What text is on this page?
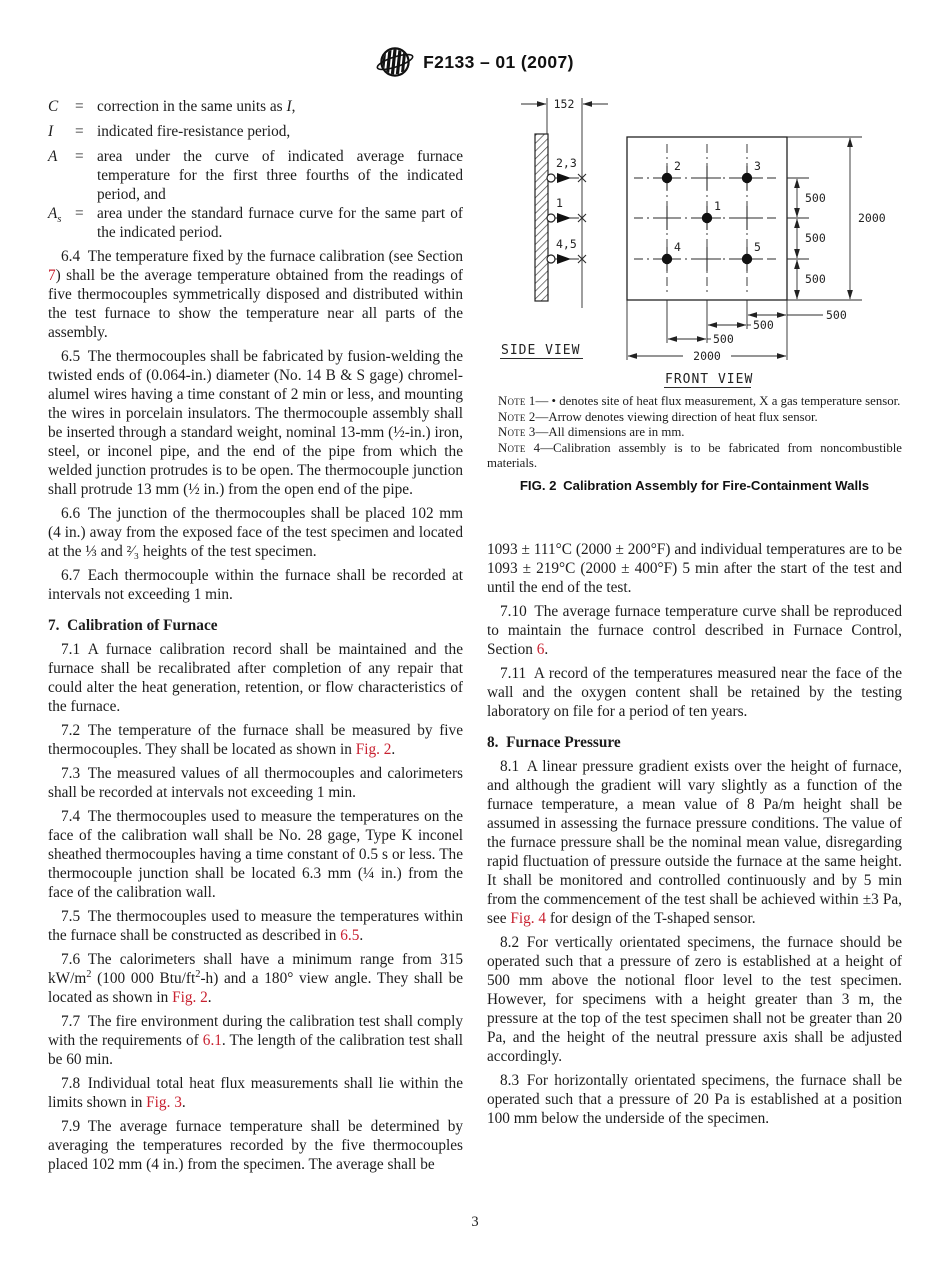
F2133 – 01 (2007)
C	= correction in the same units as I,
I	= indicated fire-resistance period,
A	= area under the curve of indicated average furnace temperature for the first three fourths of the indicated period, and
$A_s$ = area under the standard furnace curve for the same part of the indicated period.

6.4 The temperature fixed by the furnace calibration (see Section 7) shall be the average temperature obtained from the readings of five thermocouples symmetrically disposed and distributed within the test furnace to show the temperature near all parts of the assembly.

6.5 The thermocouples shall be fabricated by fusion-welding the twisted ends of (0.064-in.) diameter (No. 14 B & S gage) chromel-alumel wires having a time constant of 2 min or less, and mounting the wires in porcelain insulators. The thermocouple assembly shall be inserted through a standard weight, nominal 13-mm (½-in.) iron, steel, or inconel pipe, and the end of the pipe from which the welded junction protrudes is to be open. The thermocouple junction shall protrude 13 mm (½ in.) from the open end of the pipe.

6.6 The junction of the thermocouples shall be placed 102 mm (4 in.) away from the exposed face of the test specimen and located at the ⅓ and ²⁄₃ heights of the test specimen.

6.7 Each thermocouple within the furnace shall be recorded at intervals not exceeding 1 min.

7. Calibration of Furnace

7.1 A furnace calibration record shall be maintained and the furnace shall be recalibrated after completion of any repair that could alter the heat generation, retention, or flow characteristics of the furnace.

7.2 The temperature of the furnace shall be measured by five thermocouples. They shall be located as shown in Fig. 2.

7.3 The measured values of all thermocouples and calorimeters shall be recorded at intervals not exceeding 1 min.

7.4 The thermocouples used to measure the temperatures on the face of the calibration wall shall be No. 28 gage, Type K inconel sheathed thermocouples having a time constant of 0.5 s or less. The thermocouple junction shall be located 6.3 mm (¼ in.) from the face of the calibration wall.

7.5 The thermocouples used to measure the temperatures within the furnace shall be constructed as described in 6.5.

7.6 The calorimeters shall have a minimum range from 315 $kW/m^2$ (100 000 Btu/$ft^2-h$) and a 180° view angle. They shall be located as shown in Fig. 2.

7.7 The fire environment during the calibration test shall comply with the requirements of 6.1. The length of the calibration test shall be 60 min.

7.8 Individual total heat flux measurements shall lie within the limits shown in Fig. 3.

7.9 The average furnace temperature shall be determined by averaging the temperatures recorded by the five thermocouples placed 102 mm (4 in.) from the specimen. The average shall be

152
2,3
1
4,5
SIDE VIEW
2	3
1
4	5
500
500
500
2000
500
500
500
2000
FRONT VIEW
Note 1— • denotes site of heat flux measurement, X a gas temperature sensor.
Note 2—Arrow denotes viewing direction of heat flux sensor.
Note 3—All dimensions are in mm.
Note 4—Calibration assembly is to be fabricated from noncombustible materials.
FIG. 2 Calibration Assembly for Fire-Containment Walls

1093 ± 111°C (2000 ± 200°F) and individual temperatures are to be 1093 ± 219°C (2000 ± 400°F) 5 min after the start of the test and until the end of the test.

7.10 The average furnace temperature curve shall be reproduced to maintain the furnace control described in Furnace Control, Section 6.

7.11 A record of the temperatures measured near the face of the wall and the oxygen content shall be retained by the testing laboratory on file for a period of ten years.

8. Furnace Pressure

8.1 A linear pressure gradient exists over the height of furnace, and although the gradient will vary slightly as a function of the furnace temperature, a mean value of 8 Pa/m height shall be assumed in assessing the furnace pressure conditions. The value of the furnace pressure shall be the nominal mean value, disregarding rapid fluctuation of pressure outside the furnace at the same height. It shall be monitored and controlled continuously and by 5 min from the commencement of the test shall be achieved within ±3 Pa, see Fig. 4 for design of the T-shaped sensor.

8.2 For vertically orientated specimens, the furnace should be operated such that a pressure of zero is established at a height of 500 mm above the notional floor level to the test specimen. However, for specimens with a height greater than 3 m, the pressure at the top of the test specimen shall not be greater than 20 Pa, and the height of the neutral pressure axis shall be adjusted accordingly.

8.3 For horizontally orientated specimens, the furnace shall be operated such that a pressure of 20 Pa is established at a position 100 mm below the underside of the specimen.

3
